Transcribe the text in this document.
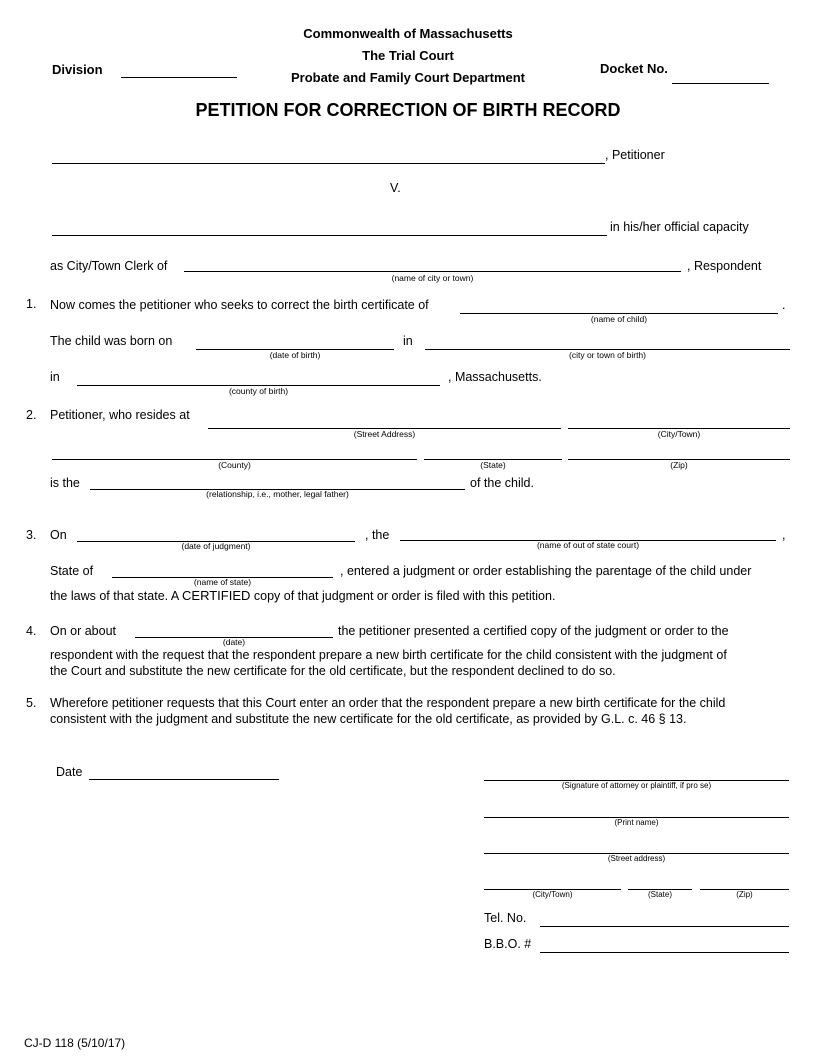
Commonwealth of Massachusetts
The Trial Court
Probate and Family Court Department
Division	Docket No.
PETITION FOR CORRECTION OF BIRTH RECORD
, Petitioner
V.
in his/her official capacity
as City/Town Clerk of
(name of city or town)
, Respondent
1. Now comes the petitioner who seeks to correct the birth certificate of
(name of child)
.
The child was born on
(date of birth)
in
(city or town of birth)
in
(county of birth)
, Massachusetts.
2. Petitioner, who resides at
(Street Address)	(City/Town)
(County)	(State)	(Zip)
is the
(relationship, i.e., mother, legal father)
of the child.
3. On
(date of judgment)
, the
(name of out of state court)
,
State of
(name of state)
, entered a judgment or order establishing the parentage of the child under
the laws of that state. A CERTIFIED copy of that judgment or order is filed with this petition.
4. On or about
(date)
the petitioner presented a certified copy of the judgment or order to the
respondent with the request that the respondent prepare a new birth certificate for the child consistent with the judgment of
the Court and substitute the new certificate for the old certificate, but the respondent declined to do so.
5. Wherefore petitioner requests that this Court enter an order that the respondent prepare a new birth certificate for the child
consistent with the judgment and substitute the new certificate for the old certificate, as provided by G.L. c. 46 § 13.
Date
(Signature of attorney or plaintiff, if pro se)
(Print name)
(Street address)
(City/Town)	(State)	(Zip)
Tel. No.
B.B.O. #
CJ-D 118 (5/10/17)
